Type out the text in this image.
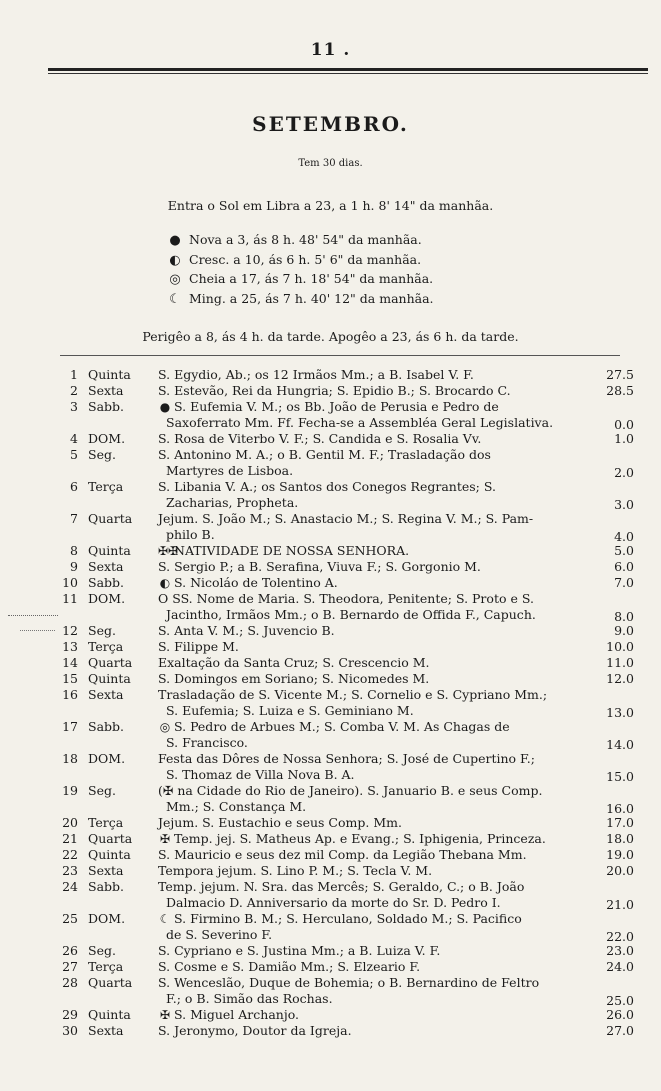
11 .
SETEMBRO.
Tem 30 dias.
Entra o Sol em Libra a 23, a 1 h. 8' 14" da manhãa.
● Nova a 3, ás 8 h. 48' 54" da manhãa.
◐ Cresc. a 10, ás 6 h. 5' 6" da manhãa.
◎ Cheia a 17, ás 7 h. 18' 54" da manhãa.
☾ Ming. a 25, ás 7 h. 40' 12" da manhãa.
Perigêo a 8, ás 4 h. da tarde. Apogêo a 23, ás 6 h. da tarde.
1 Quinta S. Egydio, Ab.; os 12 Irmãos Mm.; a B. Isabel V. F.	27.5
2 Sexta	S. Estevão, Rei da Hungria; S. Epidio B.; S. Brocardo C.	28.5
3 Sabb.	● S. Eufemia V. M.; os Bb. João de Perusia e Pedro de
Saxoferrato Mm. Ff. Fecha-se a Assembléa Geral Legislativa.	0.0
4 DOM.	S. Rosa de Viterbo V. F.; S. Candida e S. Rosalia Vv.	1.0
5 Seg.	S. Antonino M. A.; o B. Gentil M. F.; Trasladação dos
Martyres de Lisboa.	2.0
6 Terça	S. Libania V. A.; os Santos dos Conegos Regrantes; S.
Zacharias, Propheta.	3.0
7 Quarta Jejum. S. João M.; S. Anastacio M.; S. Regina V. M.; S. Pam-
philo B.	4.0
8 Quinta ✠✠NATIVIDADE DE NOSSA SENHORA.	5.0
9 Sexta	S. Sergio P.; a B. Serafina, Viuva F.; S. Gorgonio M.	6.0
10 Sabb.	◐ S. Nicoláo de Tolentino A.	7.0
11 DOM.	O SS. Nome de Maria. S. Theodora, Penitente; S. Proto e S.
Jacintho, Irmãos Mm.; o B. Bernardo de Offida F., Capuch.	8.0
12 Seg.	S. Anta V. M.; S. Juvencio B.	9.0
13 Terça	S. Filippe M.	10.0
14 Quarta Exaltação da Santa Cruz; S. Crescencio M.	11.0
15 Quinta S. Domingos em Soriano; S. Nicomedes M.	12.0
16 Sexta	Trasladação de S. Vicente M.; S. Cornelio e S. Cypriano Mm.;
S. Eufemia; S. Luiza e S. Geminiano M.	13.0
17 Sabb.	◎ S. Pedro de Arbues M.; S. Comba V. M. As Chagas de
S. Francisco.	14.0
18 DOM.	Festa das Dôres de Nossa Senhora; S. José de Cupertino F.;
S. Thomaz de Villa Nova B. A.	15.0
19 Seg.	(✠ na Cidade do Rio de Janeiro). S. Januario B. e seus Comp.
Mm.; S. Constança M.	16.0
20 Terça	Jejum. S. Eustachio e seus Comp. Mm.	17.0
21 Quarta ✠ Temp. jej. S. Matheus Ap. e Evang.; S. Iphigenia, Princeza.	18.0
22 Quinta S. Mauricio e seus dez mil Comp. da Legião Thebana Mm.	19.0
23 Sexta	Tempora jejum. S. Lino P. M.; S. Tecla V. M.	20.0
24 Sabb.	Temp. jejum. N. Sra. das Mercês; S. Geraldo, C.; o B. João
Dalmacio D. Anniversario da morte do Sr. D. Pedro I.	21.0
25 DOM.	☾ S. Firmino B. M.; S. Herculano, Soldado M.; S. Pacifico
de S. Severino F.	22.0
26 Seg.	S. Cypriano e S. Justina Mm.; a B. Luiza V. F.	23.0
27 Terça	S. Cosme e S. Damião Mm.; S. Elzeario F.	24.0
28 Quarta S. Wenceslão, Duque de Bohemia; o B. Bernardino de Feltro
F.; o B. Simão das Rochas.	25.0
29 Quinta ✠ S. Miguel Archanjo.	26.0
30 Sexta	S. Jeronymo, Doutor da Igreja.	27.0
